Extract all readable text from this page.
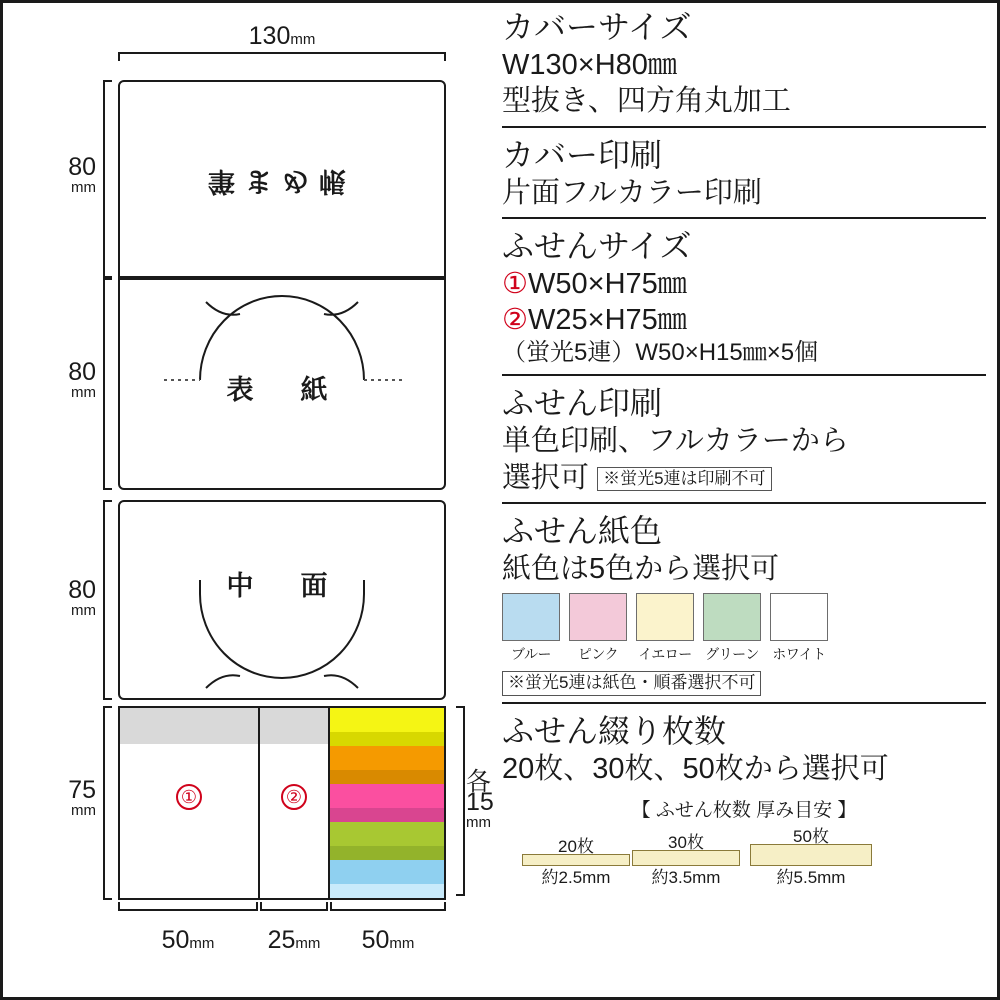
130mm
筆まめ帳
80
mm
表　紙
80
mm
中　面
80
mm
①	②
75
mm
各
15
mm
50mm	25mm	50mm
カバーサイズ
W130×H80㎜
型抜き、四方角丸加工
カバー印刷
片面フルカラー印刷
ふせんサイズ
①W50×H75㎜
②W25×H75㎜
（蛍光5連）W50×H15㎜×5個
ふせん印刷
単色印刷、フルカラーから
選択可 ※蛍光5連は印刷不可
ふせん紙色
紙色は5色から選択可
ブルー	ピンク	イエロー グリーン ホワイト
※蛍光5連は紙色・順番選択不可
ふせん綴り枚数
20枚、30枚、50枚から選択可
【 ふせん枚数 厚み目安 】
20枚
約2.5mm
30枚
約3.5mm
50枚
約5.5mm
